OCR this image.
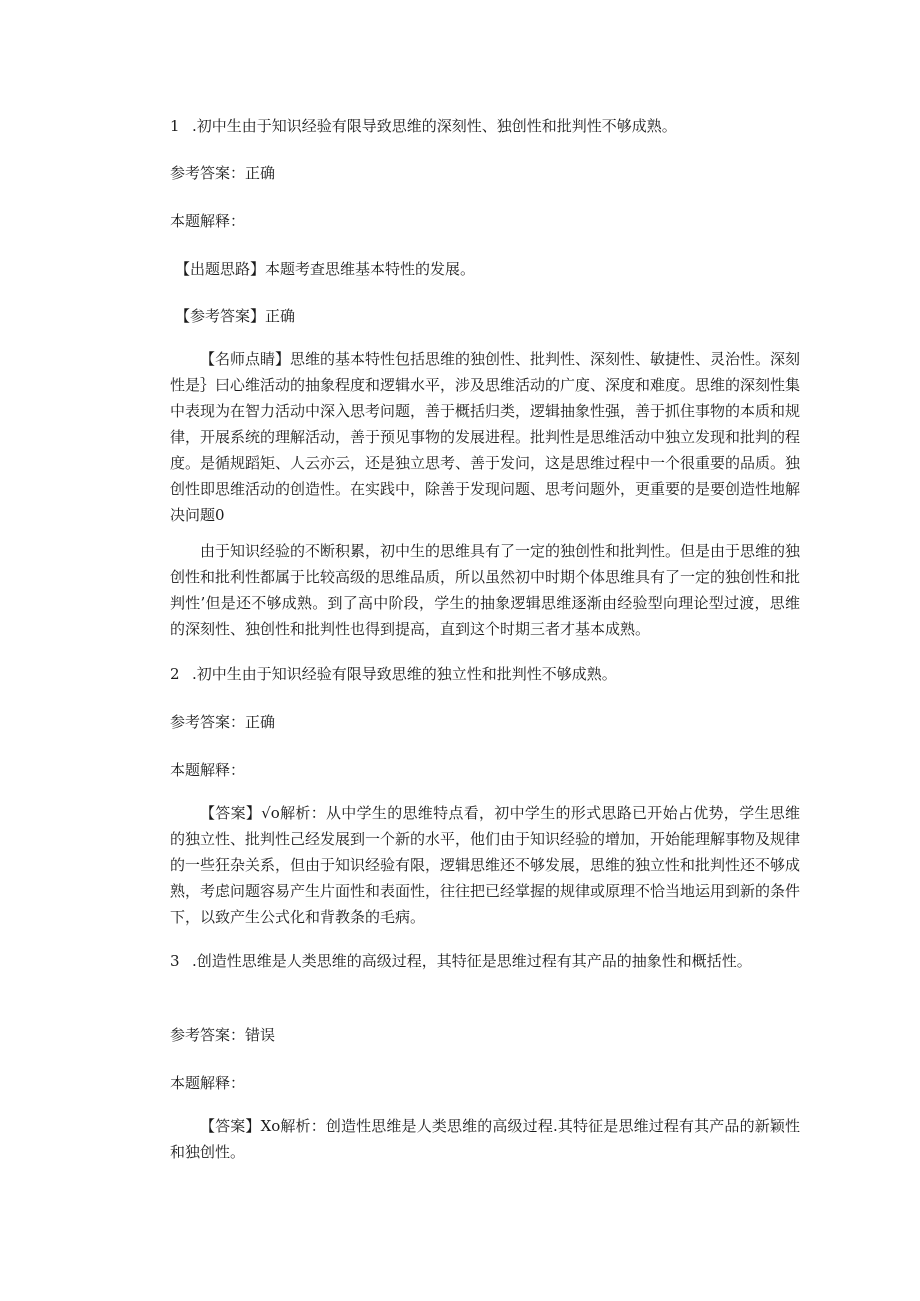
1 .初中生由于知识经验有限导致思维的深刻性、独创性和批判性不够成熟。
参考答案：正确
本题解释：
【出题思路】本题考查思维基本特性的发展。
【参考答案】正确
【名师点睛】思维的基本特性包括思维的独创性、批判性、深刻性、敏捷性、灵治性。深刻性是｝曰心维活动的抽象程度和逻辑水平，涉及思维活动的广度、深度和难度。思维的深刻性集中表现为在智力活动中深入思考问题，善于概括归类，逻辑抽象性强，善于抓住事物的本质和规律，开展系统的理解活动，善于预见事物的发展进程。批判性是思维活动中独立发现和批判的程度。是循规蹈矩、人云亦云，还是独立思考、善于发问，这是思维过程中一个很重要的品质。独创性即思维活动的创造性。在实践中，除善于发现问题、思考问题外，更重要的是要创造性地解决问题0
由于知识经验的不断积累，初中生的思维具有了一定的独创性和批判性。但是由于思维的独创性和批利性都属于比较高级的思维品质，所以虽然初中时期个体思维具有了一定的独创性和批判性’但是还不够成熟。到了高中阶段，学生的抽象逻辑思维逐渐由经验型向理论型过渡，思维的深刻性、独创性和批判性也得到提高，直到这个时期三者才基本成熟。
2 .初中生由于知识经验有限导致思维的独立性和批判性不够成熟。
参考答案：正确
本题解释：
【答案】√o解析：从中学生的思维特点看，初中学生的形式思路已开始占优势，学生思维的独立性、批判性己经发展到一个新的水平，他们由于知识经验的增加，开始能理解事物及规律的一些狂杂关系，但由于知识经验有限，逻辑思维还不够发展，思维的独立性和批判性还不够成熟，考虑问题容易产生片面性和表面性，往往把已经掌握的规律或原理不恰当地运用到新的条件下，以致产生公式化和背教条的毛病。
3 .创造性思维是人类思维的高级过程，其特征是思维过程有其产品的抽象性和概括性。
参考答案：错误
本题解释：
【答案】Xo解析：创造性思维是人类思维的高级过程.其特征是思维过程有其产品的新颖性和独创性。
